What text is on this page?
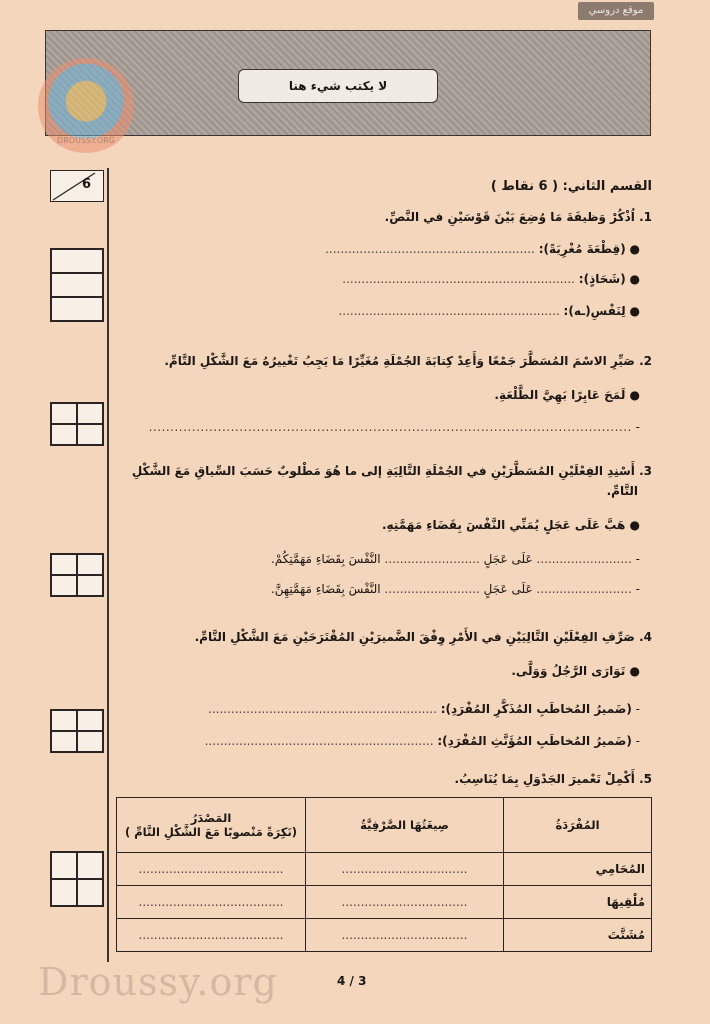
موقع دروسي
لا يكتب شيء هنا
DROUSSY.ORG
6	القسم الثاني: ( 6 نقاط )
1. اُذْكُرْ وَظيفَةَ مَا وُضِعَ بَيْنَ قَوْسَيْنِ في النَّصِّ.
● (قِطْعَةَ مُغْرِيَةً): .......................................................
● (شَحَاذٍ): .............................................................
● لِنَفْسِ(ـه): ..........................................................
2. صَيِّرِ الاسْمَ المُسَطَّرَ جَمْعًا وَأَعِدْ كِتابَةَ الجُمْلَةِ مُغَيِّرًا مَا يَجِبُ تَغْييرُهُ مَعَ الشَّكْلِ التَّامِّ.
● لَمَحَ عَابِرًا بَهِيَّ الطَّلْعَةِ.
- ................................................................................................................
3. أَسْنِدِ الفِعْلَيْنِ المُسَطَّرَيْنِ في الجُمْلَةِ التَّالِيَةِ إلى ما هُوَ مَطْلوبٌ حَسَبَ السِّياقِ مَعَ الشَّكْلِ
التَّامِّ.
● هَبَّ عَلَى عَجَلٍ يُمَنِّي النَّفْسَ بِقَضَاءِ مَهَمَّتِهِ.
- ......................... عَلَى عَجَلٍ ......................... النَّفْسَ بِقَضَاءِ مَهَمَّتِكُمْ.
- ......................... عَلَى عَجَلٍ ......................... النَّفْسَ بِقَضَاءِ مَهَمَّتِهِنَّ.
4. صَرِّفِ الفِعْلَيْنِ التَّالِيَيْنِ في الأَمْرِ وِفْقَ الضَّميرَيْنِ المُقْتَرَحَيْنِ مَعَ الشَّكْلِ التَّامِّ.
● تَوَارَى الرَّجُلُ وَوَلَّى.
- (ضَميرُ المُخاطَبِ المُذَكَّرِ المُفْرَدِ): ............................................................
- (ضَميرُ المُخاطَبِ المُؤَنَّثِ المُفْرَدِ): ............................................................
5. أَكْمِلْ تَعْميرَ الجَدْوَلِ بِمَا يُنَاسِبُ.
المُفْرَدَةُ	صِيغَتُهَا الصَّرْفِيَّةُ	المَصْدَرُ
(نَكِرَةً مَنْصوبًا مَعَ الشَّكْلِ التَّامِّ )

المُحَامِي	.................................	......................................
مُلْقِيهَا	.................................	......................................
مُشَتَّتَ	.................................	......................................
Droussy.org	4 / 3
